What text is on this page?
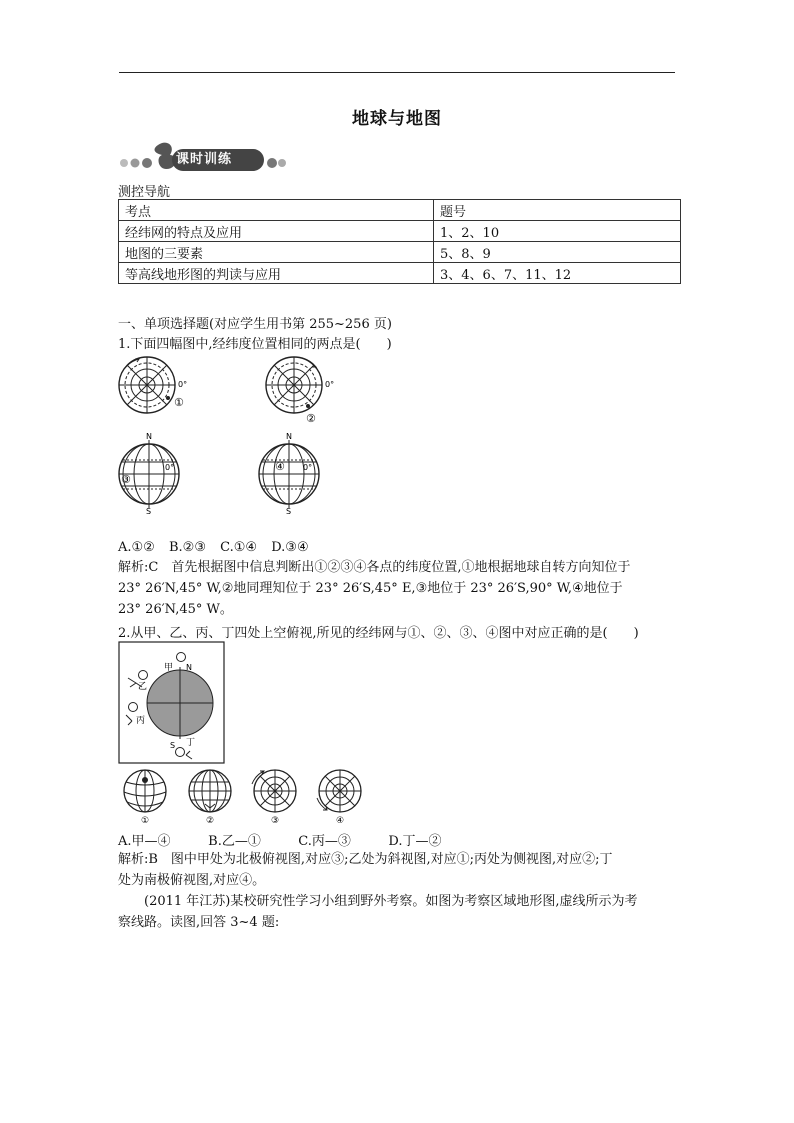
地球与地图
课时训练
测控导航
考点	题号
经纬网的特点及应用	1、2、10
地图的三要素	5、8、9
等高线地形图的判读与应用	3、4、6、7、11、12
一、单项选择题(对应学生用书第 255~256 页)
1.下面四幅图中,经纬度位置相同的两点是(　　)
0°
①
0°
②
N
S
0°
③
N
S
0°
④
A.①② B.②③ C.①④ D.③④
解析:C　首先根据图中信息判断出①②③④各点的纬度位置,①地根据地球自转方向知位于
23° 26′N,45° W,②地同理知位于 23° 26′S,45° E,③地位于 23° 26′S,90° W,④地位于
23° 26′N,45° W。
2.从甲、乙、丙、丁四处上空俯视,所见的经纬网与①、②、③、④图中对应正确的是(　　)
甲 N
乙
丙
S 丁
①	②	③	④
A.甲—④	B.乙—①	C.丙—③	D.丁—②
解析:B　图中甲处为北极俯视图,对应③;乙处为斜视图,对应①;丙处为侧视图,对应②;丁
处为南极俯视图,对应④。
　　(2011 年江苏)某校研究性学习小组到野外考察。如图为考察区域地形图,虚线所示为考
察线路。读图,回答 3~4 题:
